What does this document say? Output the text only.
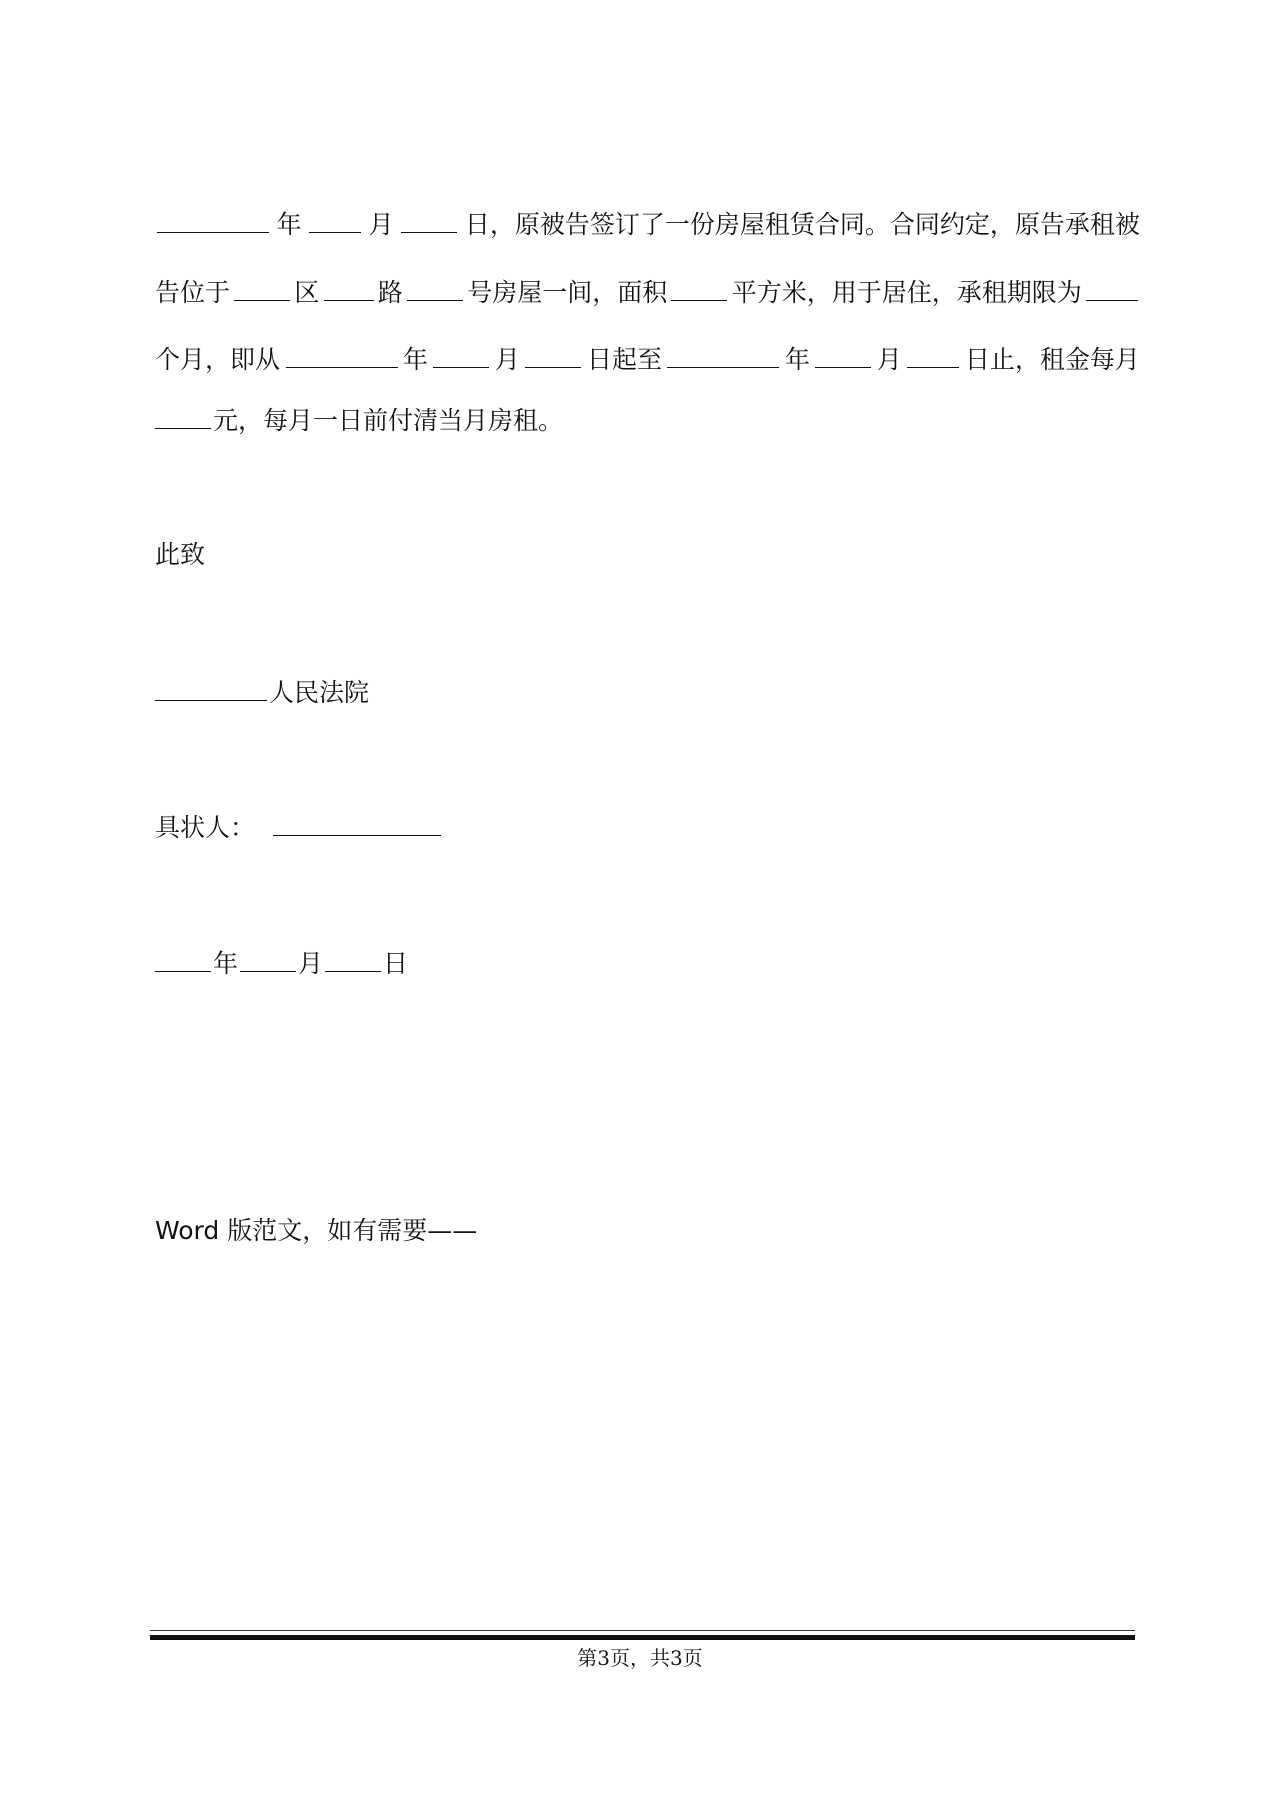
年	月	日，原被告签订了一份房屋租赁合同。合同约定，原告承租被
告位于	区 路	号房屋一间，面积	平方米，用于居住，承租期限为
个月，即从	年	月	日起至	年	月	日止，租金每月
元，每月一日前付清当月房租。
此致
人民法院
具状人：
年 月 日
Word 版范文，如有需要——
第3页，共3页
